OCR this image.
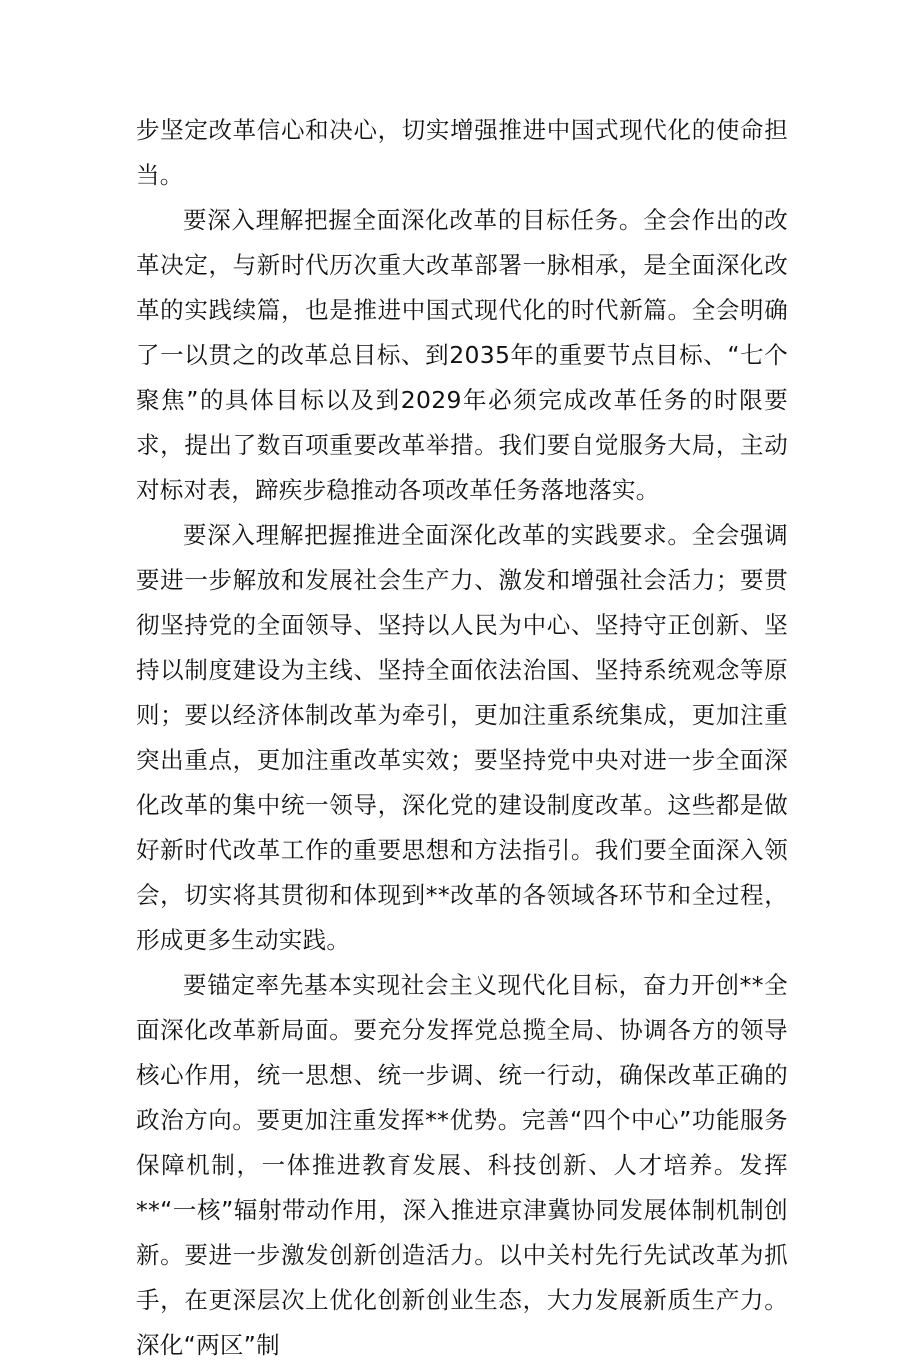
步坚定改革信心和决心，切实增强推进中国式现代化的使命担当。

要深入理解把握全面深化改革的目标任务。全会作出的改革决定，与新时代历次重大改革部署一脉相承，是全面深化改革的实践续篇，也是推进中国式现代化的时代新篇。全会明确了一以贯之的改革总目标、到2035年的重要节点目标、“七个聚焦”的具体目标以及到2029年必须完成改革任务的时限要求，提出了数百项重要改革举措。我们要自觉服务大局，主动对标对表，蹄疾步稳推动各项改革任务落地落实。

要深入理解把握推进全面深化改革的实践要求。全会强调要进一步解放和发展社会生产力、激发和增强社会活力；要贯彻坚持党的全面领导、坚持以人民为中心、坚持守正创新、坚持以制度建设为主线、坚持全面依法治国、坚持系统观念等原则；要以经济体制改革为牵引，更加注重系统集成，更加注重突出重点，更加注重改革实效；要坚持党中央对进一步全面深化改革的集中统一领导，深化党的建设制度改革。这些都是做好新时代改革工作的重要思想和方法指引。我们要全面深入领会，切实将其贯彻和体现到**改革的各领域各环节和全过程，形成更多生动实践。

要锚定率先基本实现社会主义现代化目标，奋力开创**全面深化改革新局面。要充分发挥党总揽全局、协调各方的领导核心作用，统一思想、统一步调、统一行动，确保改革正确的政治方向。要更加注重发挥**优势。完善“四个中心”功能服务保障机制，一体推进教育发展、科技创新、人才培养。发挥**“一核”辐射带动作用，深入推进京津冀协同发展体制机制创新。要进一步激发创新创造活力。以中关村先行先试改革为抓手，在更深层次上优化创新创业生态，大力发展新质生产力。深化“两区”制
